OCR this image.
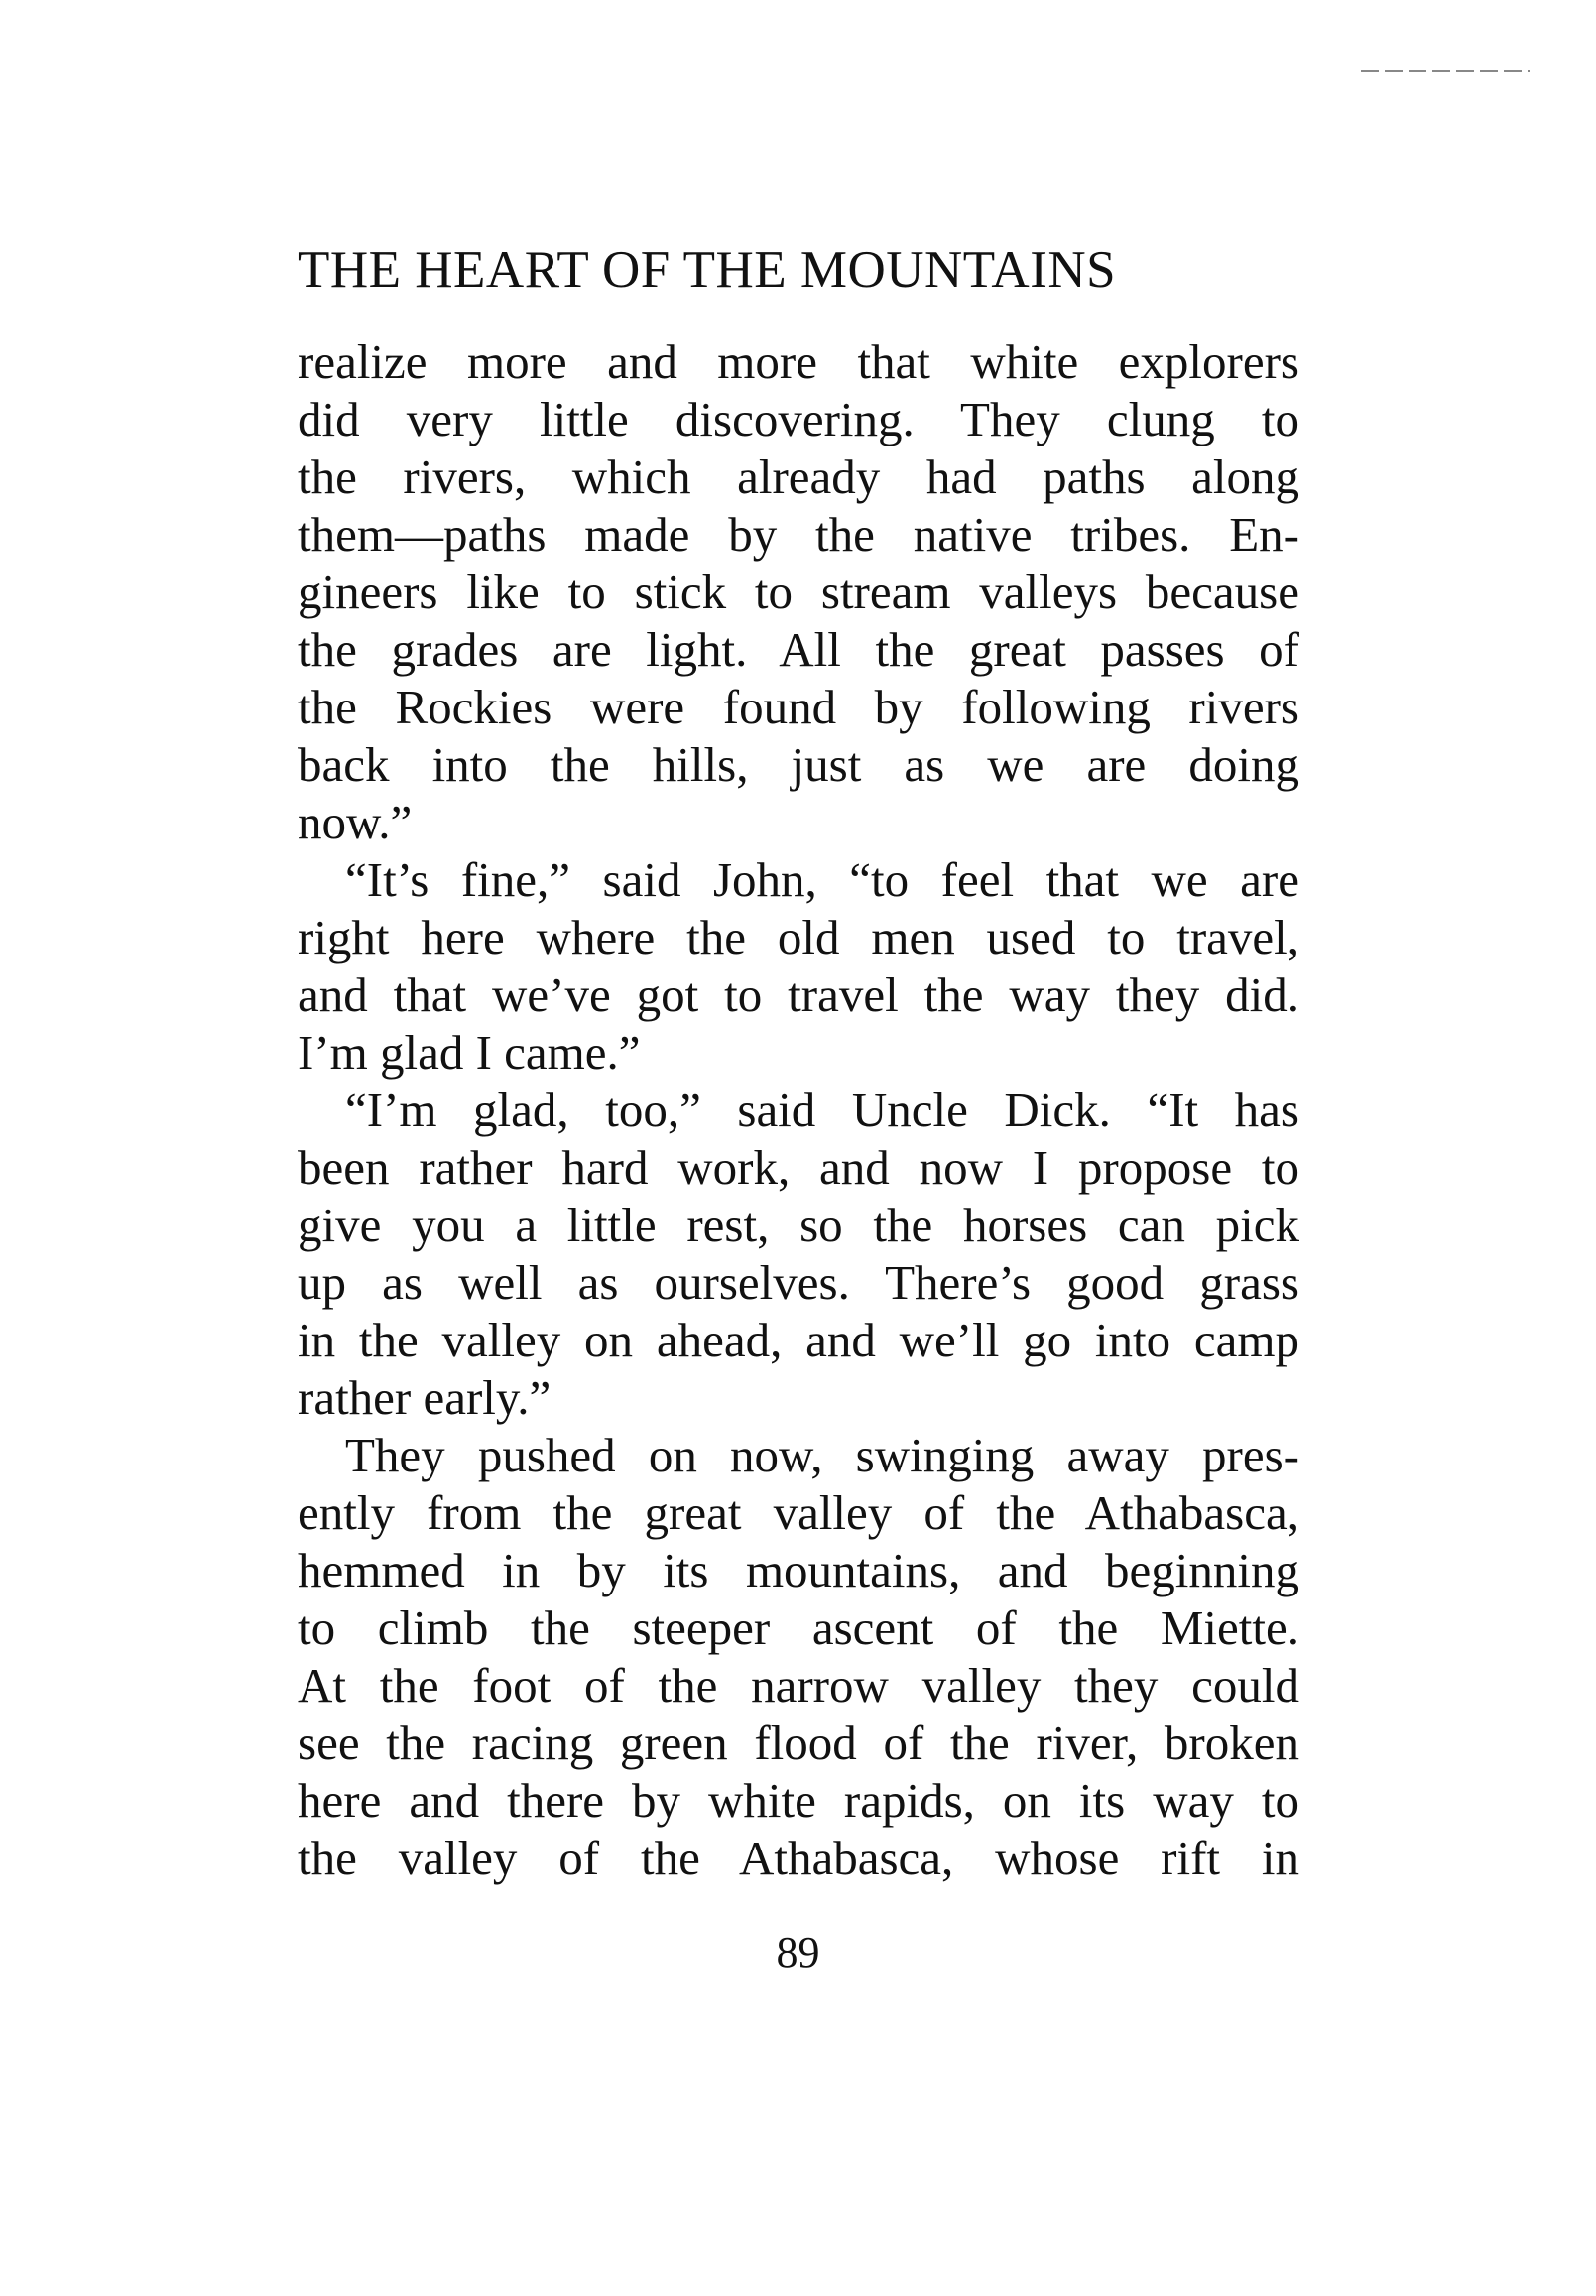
THE HEART OF THE MOUNTAINS
realize more and more that white explorers
did very little discovering. They clung to
the rivers, which already had paths along
them—paths made by the native tribes. En-
gineers like to stick to stream valleys because
the grades are light. All the great passes of
the Rockies were found by following rivers
back into the hills, just as we are doing
now.”
“It’s fine,” said John, “to feel that we are
right here where the old men used to travel,
and that we’ve got to travel the way they did.
I’m glad I came.”
“I’m glad, too,” said Uncle Dick. “It has
been rather hard work, and now I propose to
give you a little rest, so the horses can pick
up as well as ourselves. There’s good grass
in the valley on ahead, and we’ll go into camp
rather early.”
They pushed on now, swinging away pres-
ently from the great valley of the Athabasca,
hemmed in by its mountains, and beginning
to climb the steeper ascent of the Miette.
At the foot of the narrow valley they could
see the racing green flood of the river, broken
here and there by white rapids, on its way to
the valley of the Athabasca, whose rift in
89
